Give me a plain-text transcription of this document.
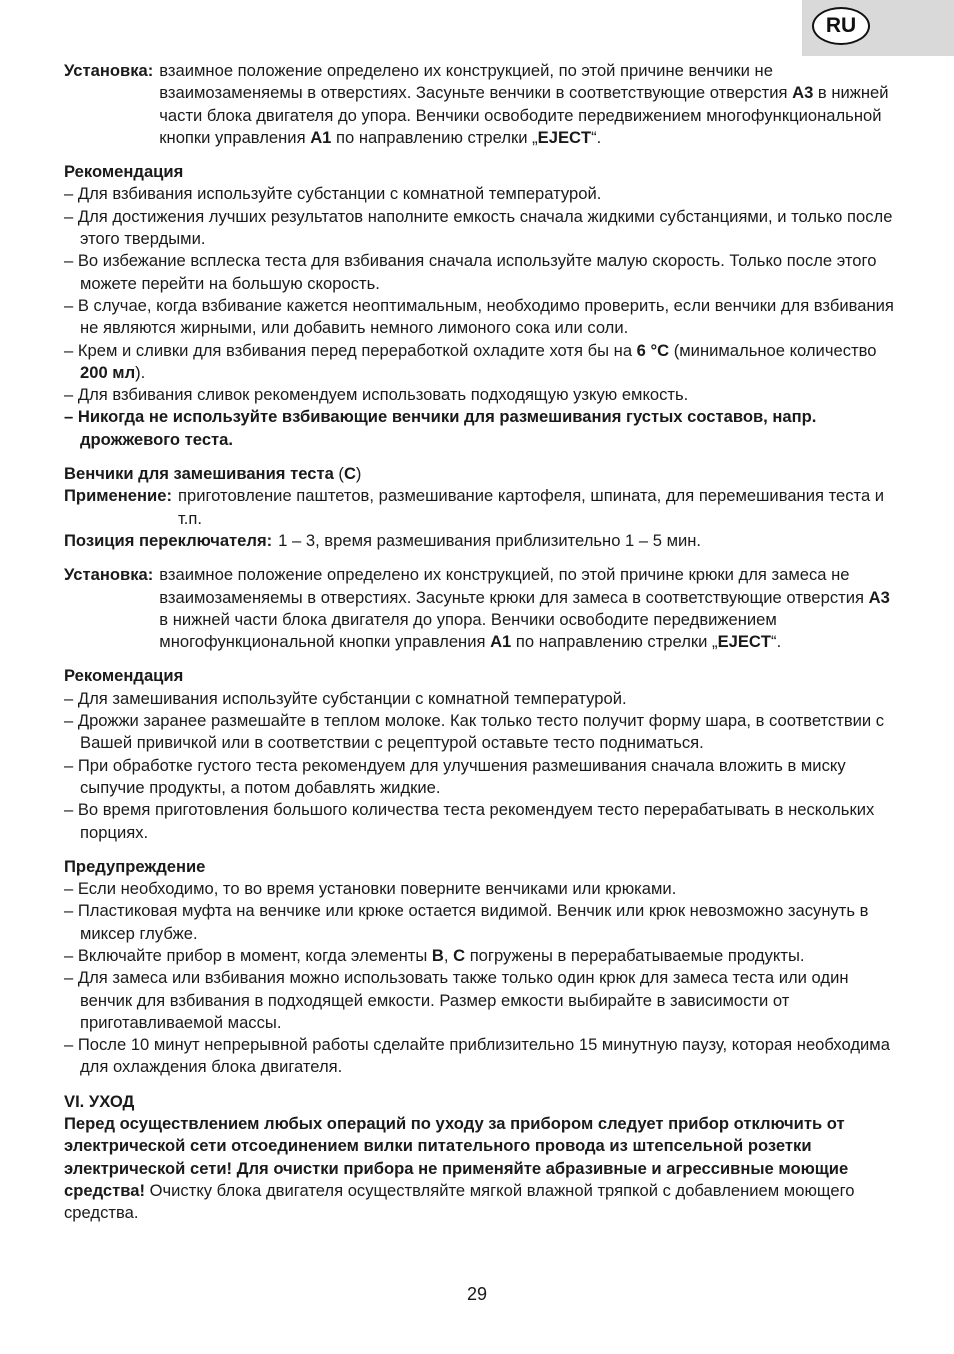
RU
Установка: взаимное положение определено их конструкцией, по этой причине венчики не взаимозаменяемы в отверстиях. Засуньте венчики в соответствующие отверстия A3 в нижней части блока двигателя до упора. Венчики освободите передвижением многофункциональной кнопки управления A1 по направлению стрелки „EJECT“.

Рекомендация

– Для взбивания используйте субстанции с комнатной температурой.

– Для достижения лучших результатов наполните емкость сначала жидкими субстанциями, и только после этого твердыми.

– Во избежание всплеска теста для взбивания сначала используйте малую скорость. Только после этого можете перейти на большую скорость.

– В случае, когда взбивание кажется неоптимальным, необходимо проверить, если венчики для взбивания не являются жирными, или добавить немного лимоного сока или соли.

– Крем и сливки для взбивания перед переработкой охладите хотя бы на 6 °C (минимальное количество 200 мл).

– Для взбивания сливок рекомендуем использовать подходящую узкую емкость.

– Никогда не используйте взбивающие венчики для размешивания густых составов, напр. дрожжевого теста.

Венчики для замешивания теста (C)

Применение: приготовление паштетов, размешивание картофеля, шпината, для перемешивания теста и т.п.
Позиция переключателя: 1 – 3, время размешивания приблизительно 1 – 5 мин.
Установка: взаимное положение определено их конструкцией, по этой причине крюки для замеса не взаимозаменяемы в отверстиях. Засуньте крюки для замеса в соответствующие отверстия A3 в нижней части блока двигателя до упора. Венчики освободите передвижением многофункциональной кнопки управления A1 по направлению стрелки „EJECT“.

Рекомендация

– Для замешивания используйте субстанции с комнатной температурой.

– Дрожжи заранее размешайте в теплом молоке. Как только тесто получит форму шара, в соответствии с Вашей привичкой или в соответствии с рецептурой оставьте тесто подниматься.

– При обработке густого теста рекомендуем для улучшения размешивания сначала вложить в миску сыпучие продукты, а потом добавлять жидкие.

– Во время приготовления большого количества теста рекомендуем тесто перерабатывать в нескольких порциях.

Предупреждение

– Если необходимо, то во время установки поверните венчиками или крюками.

– Пластиковая муфта на венчике или крюке остается видимой. Венчик или крюк невозможно засунуть в миксер глубже.

– Включайте прибор в момент, когда элементы B, C погружены в перерабатываемые продукты.

– Для замеса или взбивания можно использовать также только один крюк для замеса теста или один венчик для взбивания в подходящей емкости. Размер емкости выбирайте в зависимости от приготавливаемой массы.

– После 10 минут непрерывной работы сделайте приблизительно 15 минутную паузу, которая необходима для охлаждения блока двигателя.

VI. УХОД

Перед осуществлением любых операций по уходу за прибором следует прибор отключить от электрической сети отсоединением вилки питательного провода из штепсельной розетки электрической сети! Для очистки прибора не применяйте абразивные и агрессивные моющие средства! Очистку блока двигателя осуществляйте мягкой влажной тряпкой с добавлением моющего средства.

29
